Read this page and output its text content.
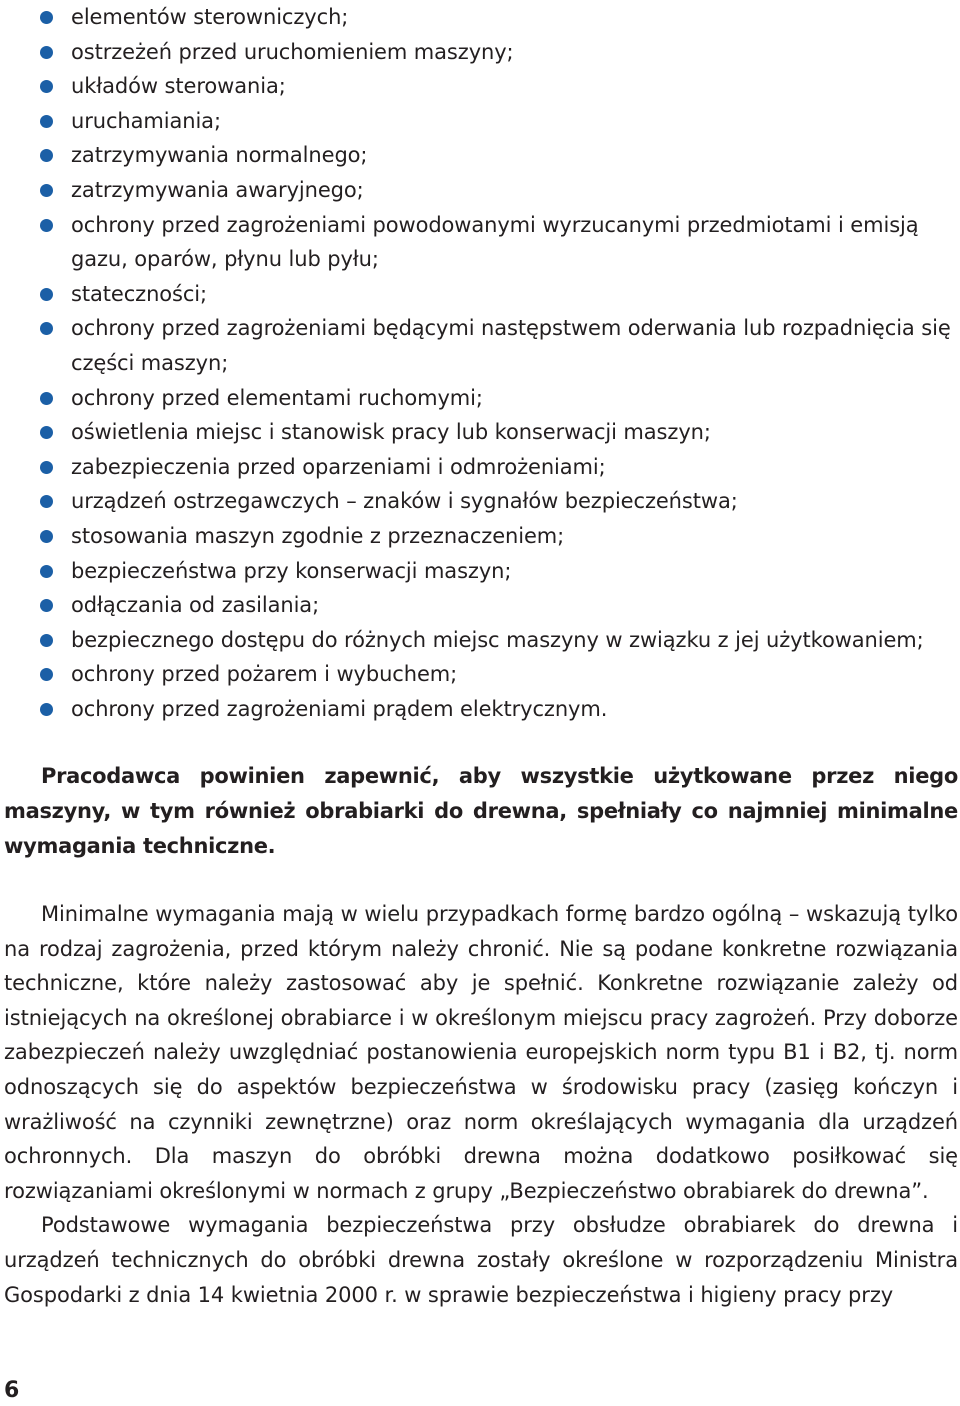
elementów sterowniczych;
ostrzeżeń przed uruchomieniem maszyny;
układów sterowania;
uruchamiania;
zatrzymywania normalnego;
zatrzymywania awaryjnego;
ochrony przed zagrożeniami powodowanymi wyrzucanymi przedmiotami i emisją gazu, oparów, płynu lub pyłu;
stateczności;
ochrony przed zagrożeniami będącymi następstwem oderwania lub rozpadnięcia się części maszyn;
ochrony przed elementami ruchomymi;
oświetlenia miejsc i stanowisk pracy lub konserwacji maszyn;
zabezpieczenia przed oparzeniami i odmrożeniami;
urządzeń ostrzegawczych – znaków i sygnałów bezpieczeństwa;
stosowania maszyn zgodnie z przeznaczeniem;
bezpieczeństwa przy konserwacji maszyn;
odłączania od zasilania;
bezpiecznego dostępu do różnych miejsc maszyny w związku z jej użytkowaniem;
ochrony przed pożarem i wybuchem;
ochrony przed zagrożeniami prądem elektrycznym.

Pracodawca powinien zapewnić, aby wszystkie użytkowane przez niego maszyny, w tym również obrabiarki do drewna, spełniały co najmniej minimalne wymagania techniczne.

Minimalne wymagania mają w wielu przypadkach formę bardzo ogólną – wskazują tylko na rodzaj zagrożenia, przed którym należy chronić. Nie są podane konkretne rozwiązania techniczne, które należy zastosować aby je spełnić. Konkretne rozwiązanie zależy od istniejących na określonej obrabiarce i w określonym miejscu pracy zagrożeń. Przy doborze zabezpieczeń należy uwzględniać postanowienia europejskich norm typu B1 i B2, tj. norm odnoszących się do aspektów bezpieczeństwa w środowisku pracy (zasięg kończyn i wrażliwość na czynniki zewnętrzne) oraz norm określających wymagania dla urządzeń ochronnych. Dla maszyn do obróbki drewna można dodatkowo posiłkować się rozwiązaniami określonymi w normach z grupy „Bezpieczeństwo obrabiarek do drewna”.

Podstawowe wymagania bezpieczeństwa przy obsłudze obrabiarek do drewna i urządzeń technicznych do obróbki drewna zostały określone w rozporządzeniu Ministra Gospodarki z dnia 14 kwietnia 2000 r. w sprawie bezpieczeństwa i higieny pracy przy

6
